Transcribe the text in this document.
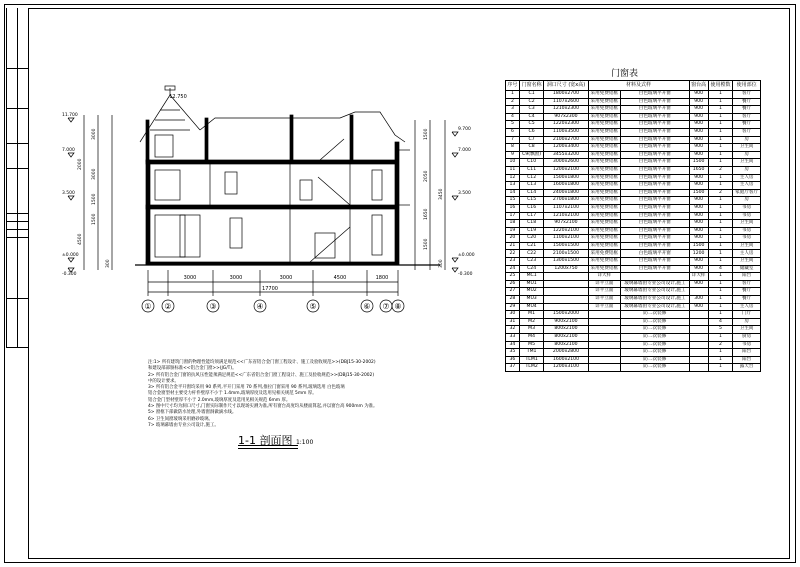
① ②	③	④	⑤	⑥ ⑦ ⑧
3000	3000	3000	4500	1800
17700
12.750
11.700
7.000
3.500
±0.000
-0.300
9.700
7.000
3.500
±0.000
-0.300
3000
3000
1500
1500
2000
4500
300
1500
2050
3450
1650
1500
300
1-1 剖面图 1:100
注:1> 所有建筑门窗的物理性能均须满足规范<<广东省铝合金门窗工程设计、施工及验收规范>>(DBJ15-30-2002)
和建设部部颁标准<<铝合金门窗>>(JG/T)。
2> 所有铝合金门窗的抗风压性能须满足规范<<广东省铝合金门窗工程设计、施工及验收规范>>(DBJ15-30-2002)
中的设计要求。
3> 所有铝合金平开窗均采用 90 系列,平开门采用 70 系列,推拉门窗采用 90 系列,玻璃选用 白色玻璃
铝合金窗型材主要受力杆件壁厚不小于 1.4mm,玻璃厚度及选用见相关规范 5mm 厚。
铝合金门型材壁厚不小于 2.0mm,玻璃厚度及选用见相关规范 6mm 厚。
4> 图中尺寸均为洞口尺寸,门窗实际制作尺寸以现场实测为准,所有窗台高度均从楼面算起,并以窗台高 900mm 为准。
5> 窗框下部做防水处理,外墙窗洞做滴水线。
6> 卫生间窗玻璃采用磨砂玻璃。
7> 玻璃幕墙由专业公司设计,施工。
门窗表
序号	门窗名称	洞口尺寸 (宽x高)	材料及式样		窗台高	使用樘数	使用部位
1	C1	1800x2700	采用免费铝框	白色玻璃平开窗	900	1	客厅
2	C2	1107x2600	采用免费铝框	白色玻璃平开窗	900	1	餐厅
3	C3	1210x2300	采用免费铝框	白色玻璃平开窗	900	1	餐厅
4	C4	907x2300	采用免费铝框	白色玻璃平开窗	900	1	客厅
5	C5	1220x2300	采用免费铝框	白色玻璃平开窗	900	1	餐厅
6	C6	1100x3500	采用免费铝框	白色玻璃平开窗	900	1	客厅
7	C7	2100x2700	采用免费铝框	白色玻璃平开窗	900	1	房
8	C8	1200x3400	采用免费铝框	白色玻璃平开窗	900	1	卫生间
9	C9(飘窗)	3455x3200	采用免费铝框	白色玻璃平开窗	900	1	房
10	C10	3000x2600	采用免费铝框	白色玻璃平开窗	1500	1	卫生间
11	C11	1200x2100	采用免费铝框	白色玻璃平开窗	1650	2	房
12	C12	1500x1800	采用免费铝框	白色玻璃平开窗	900	1	主人房
13	C13	1600x1800	采用免费铝框	白色玻璃平开窗	900	1	主人房
14	C14	2400x1800	采用免费铝框	白色玻璃平开窗	1500	2	家庭厅客厅
15	C15	2700x1800	采用免费铝框	白色玻璃平开窗	900	1	房
16	C16	1107x2100	采用免费铝框	白色玻璃平开窗	900	1	书房
17	C17	1210x2100	采用免费铝框	白色玻璃平开窗	900	1	书房
18	C18	907x2100	采用免费铝框	白色玻璃平开窗	900	1	卫生间
19	C19	1220x2100	采用免费铝框	白色玻璃平开窗	900	1	书房
20	C20	1100x2100	采用免费铝框	白色玻璃平开窗	900	1	书房
21	C21	1500x1500	采用免费铝框	白色玻璃平开窗	1500	1	卫生间
22	C22	2100x1500	采用免费铝框	白色玻璃平开窗	1200	1	主人房
23	C23	1300x1500	采用免费铝框	白色玻璃平开窗	900	1	卫生间
24	C24	1200x750	采用免费铝框	白色玻璃平开窗	900	4	储藏室
25	MC1		详大样		详大样	1	阳台
26	MU1		详平立面	玻璃幕墙由专业公司设计,施工	900	1	客厅
27	MU2		详平立面	玻璃幕墙由专业公司设计,施工		1	餐厅
28	MU3		详平立面	玻璃幕墙由专业公司设计,施工	300	1	餐厅
29	MU4		详平立面	玻璃幕墙由专业公司设计,施工	900	1	主人房
30	M1	1500x2000		防二次装修		1	门厅
31	M2	900x2100		防二次装修		4	房
32	M3	800x2100		防二次装修		5	卫生间
33	M4	800x2100		防二次装修		1	厨房
34	M5	800x2100		防二次装修		2	书房
35	TM1	2000x2800		防二次装修		1	阳台
36	TLM1	1600x2100		防二次装修		1	阳台
37	TLM2	1200x3100		防二次装修		1	露天台
